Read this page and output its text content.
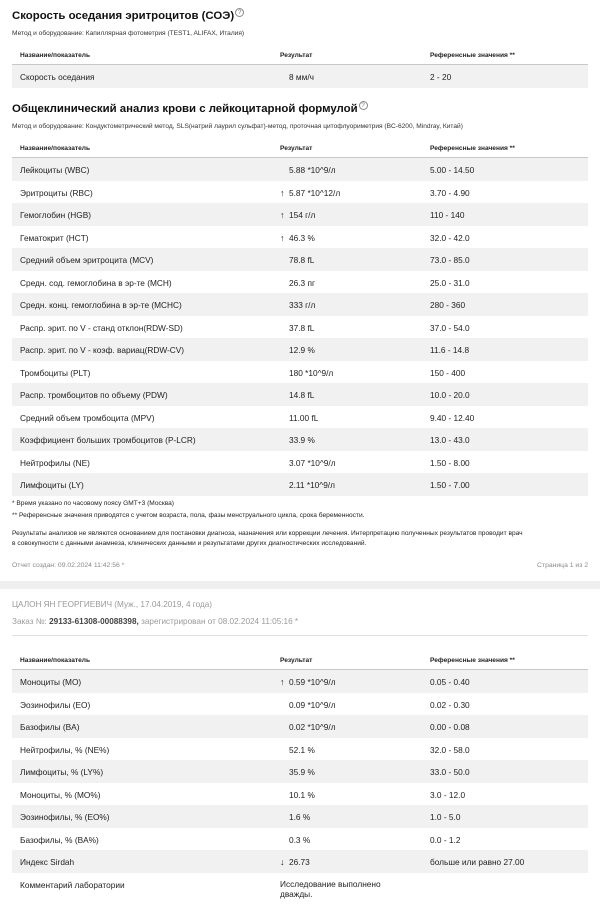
Скорость оседания эритроцитов (СОЭ) ?
Метод и оборудование: Капиллярная фотометрия (TEST1, ALIFAX, Италия)
Название/показатель	Результат	Референсные значения **
Скорость оседания	8 мм/ч	2 - 20
Общеклинический анализ крови с лейкоцитарной формулой ?
Метод и оборудование: Кондуктометрический метод, SLS(натрий лаурил сульфат)-метод, проточная цитофлуориметрия (BC-6200, Mindray, Китай)
Название/показатель	Результат	Референсные значения **
Лейкоциты (WBC)	5.88 *10^9/л	5.00 - 14.50
Эритроциты (RBC)	↑ 5.87 *10^12/л	3.70 - 4.90
Гемоглобин (HGB)	↑ 154 г/л	110 - 140
Гематокрит (HCT)	↑ 46.3 %	32.0 - 42.0
Средний объем эритроцита (MCV)	78.8 fL	73.0 - 85.0
Средн. сод. гемоглобина в эр-те (MCH)	26.3 пг	25.0 - 31.0
Средн. конц. гемоглобина в эр-те (MCHC)	333 г/л	280 - 360
Распр. эрит. по V - станд отклон(RDW-SD)	37.8 fL	37.0 - 54.0
Распр. эрит. по V - коэф. вариац(RDW-CV)	12.9 %	11.6 - 14.8
Тромбоциты (PLT)	180 *10^9/л	150 - 400
Распр. тромбоцитов по объему (PDW)	14.8 fL	10.0 - 20.0
Средний объем тромбоцита (MPV)	11.00 fL	9.40 - 12.40
Коэффициент больших тромбоцитов (P-LCR)	33.9 %	13.0 - 43.0
Нейтрофилы (NE)	3.07 *10^9/л	1.50 - 8.00
Лимфоциты (LY)	2.11 *10^9/л	1.50 - 7.00
* Время указано по часовому поясу GMT+3 (Москва)
** Референсные значения приводятся с учетом возраста, пола, фазы менструального цикла, срока беременности.
Результаты анализов не являются основанием для постановки диагноза, назначения или коррекции лечения. Интерпретацию полученных результатов проводит врач
в совокупности с данными анамнеза, клинических данными и результатами других диагностических исследований.
Отчет создан: 09.02.2024 11:42:56 *	Страница 1 из 2
ЦАЛОН ЯН ГЕОРГИЕВИЧ (Муж., 17.04.2019, 4 года)
Заказ №: 29133-61308-00088398, зарегистрирован от 08.02.2024 11:05:16 *
Название/показатель	Результат	Референсные значения **
Моноциты (MO)	↑ 0.59 *10^9/л	0.05 - 0.40
Эозинофилы (EO)	0.09 *10^9/л	0.02 - 0.30
Базофилы (BA)	0.02 *10^9/л	0.00 - 0.08
Нейтрофилы, % (NE%)	52.1 %	32.0 - 58.0
Лимфоциты, % (LY%)	35.9 %	33.0 - 50.0
Моноциты, % (MO%)	10.1 %	3.0 - 12.0
Эозинофилы, % (EO%)	1.6 %	1.0 - 5.0
Базофилы, % (BA%)	0.3 %	0.0 - 1.2
Индекс Sirdah	↓ 26.73	больше или равно 27.00
Комментарий лаборатории	Исследование выполнено дважды.
